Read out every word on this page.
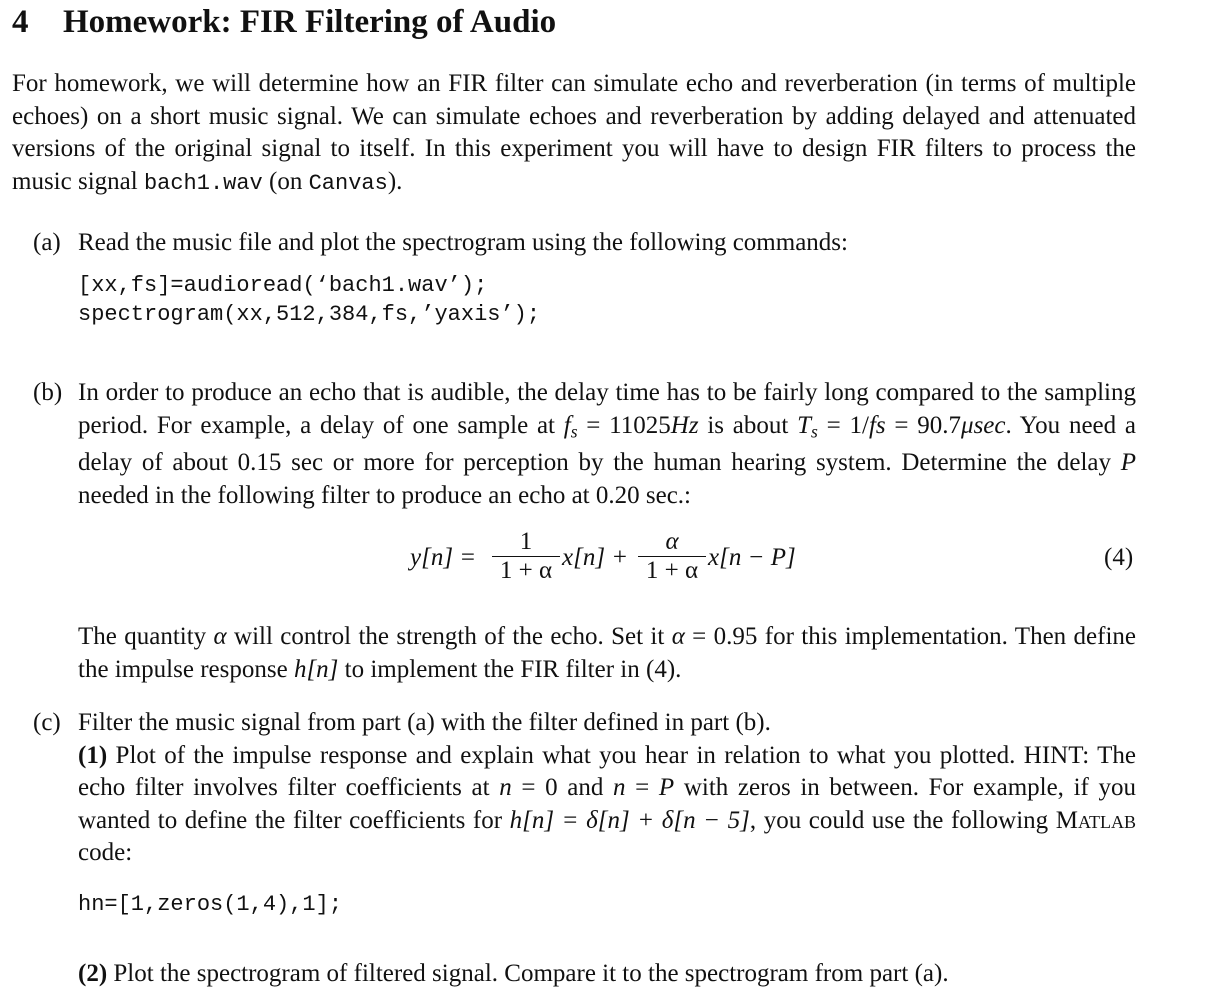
4 Homework: FIR Filtering of Audio
For homework, we will determine how an FIR filter can simulate echo and reverberation (in terms of multiple echoes) on a short music signal. We can simulate echoes and reverberation by adding delayed and attenuated versions of the original signal to itself. In this experiment you will have to design FIR filters to process the music signal bach1.wav (on Canvas).
(a) Read the music file and plot the spectrogram using the following commands:
[xx,fs]=audioread(‘bach1.wav’);
spectrogram(xx,512,384,fs,’yaxis’);
(b) In order to produce an echo that is audible, the delay time has to be fairly long compared to the sampling period. For example, a delay of one sample at $f_s = 11025Hz$ is about $T_s = 1/fs = 90.7\mu\sec$. You need a delay of about 0.15 sec or more for perception by the human hearing system. Determine the delay P needed in the following filter to produce an echo at 0.20 sec.:
y[n] =
1
1 + α x[n] +
α
1 + α x[n − P]	(4)
The quantity α will control the strength of the echo. Set it α = 0.95 for this implementation. Then define the impulse response h[n] to implement the FIR filter in (4).
(c) Filter the music signal from part (a) with the filter defined in part (b).
(1) Plot of the impulse response and explain what you hear in relation to what you plotted. HINT: The echo filter involves filter coefficients at n = 0 and n = P with zeros in between. For example, if you wanted to define the filter coefficients for h[n] = δ[n] + δ[n − 5], you could use the following Matlab code:
hn=[1,zeros(1,4),1];
(2) Plot the spectrogram of filtered signal. Compare it to the spectrogram from part (a).
